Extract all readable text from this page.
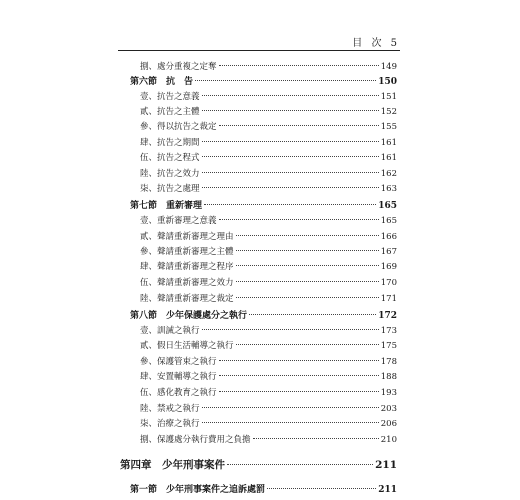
目 次 5
捌、處分重複之定奪	149
第六節　抗　告	150
壹、抗告之意義	151
貳、抗告之主體	152
參、得以抗告之裁定	155
肆、抗告之期間	161
伍、抗告之程式	161
陸、抗告之效力	162
柒、抗告之處理	163
第七節　重新審理	165
壹、重新審理之意義	165
貳、聲請重新審理之理由	166
參、聲請重新審理之主體	167
肆、聲請重新審理之程序	169
伍、聲請重新審理之效力	170
陸、聲請重新審理之裁定	171
第八節　少年保護處分之執行	172
壹、訓誡之執行	173
貳、假日生活輔導之執行	175
參、保護管束之執行	178
肆、安置輔導之執行	188
伍、感化教育之執行	193
陸、禁戒之執行	203
柒、治療之執行	206
捌、保護處分執行費用之負擔	210
第四章　少年刑事案件	211
第一節　少年刑事案件之追訴處罰	211
